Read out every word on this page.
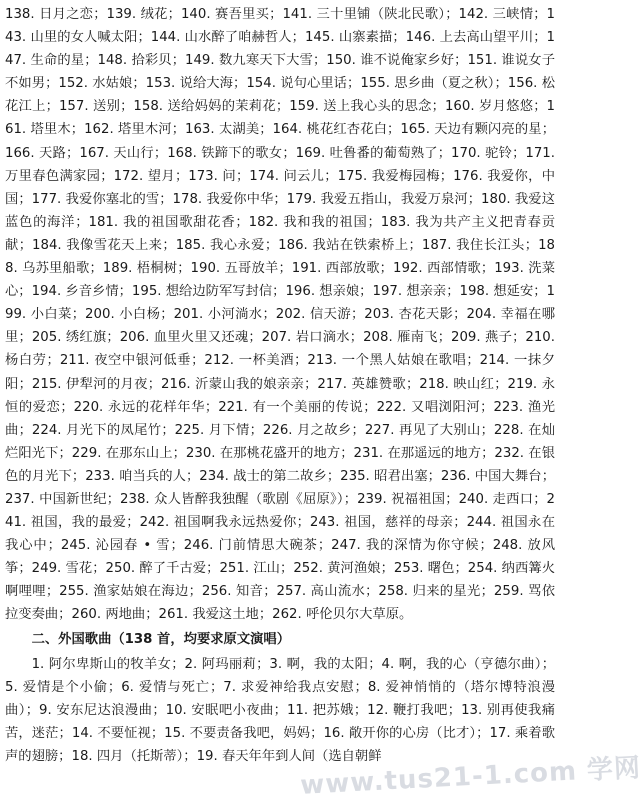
138. 日月之恋；139. 绒花；140. 赛吾里买；141. 三十里铺（陕北民歌）；142. 三峡情；143. 山里的女人喊太阳；144. 山水醉了咱赫哲人；145. 山寨素描；146. 上去高山望平川；147. 生命的星；148. 拾彩贝；149. 数九寒天下大雪；150. 谁不说俺家乡好；151. 谁说女子不如男；152. 水姑娘；153. 说给大海；154. 说句心里话；155. 思乡曲（夏之秋）；156. 松花江上；157. 送别；158. 送给妈妈的茉莉花；159. 送上我心头的思念；160. 岁月悠悠；161. 塔里木；162. 塔里木河；163. 太湖美；164. 桃花红杏花白；165. 天边有颗闪亮的星；166. 天路；167. 天山行；168. 铁蹄下的歌女；169. 吐鲁番的葡萄熟了；170. 驼铃；171. 万里春色满家园；172. 望月；173. 问；174. 问云儿；175. 我爱梅园梅；176. 我爱你，中国；177. 我爱你塞北的雪；178. 我爱你中华；179. 我爱五指山，我爱万泉河；180. 我爱这蓝色的海洋；181. 我的祖国歌甜花香；182. 我和我的祖国；183. 我为共产主义把青春贡献；184. 我像雪花天上来；185. 我心永爱；186. 我站在铁索桥上；187. 我住长江头；188. 乌苏里船歌；189. 梧桐树；190. 五哥放羊；191. 西部放歌；192. 西部情歌；193. 洗菜心；194. 乡音乡情；195. 想给边防军写封信；196. 想亲娘；197. 想亲亲；198. 想延安；199. 小白菜；200. 小白杨；201. 小河淌水；202. 信天游；203. 杏花天影；204. 幸福在哪里；205. 绣红旗；206. 血里火里又还魂；207. 岩口滴水；208. 雁南飞；209. 燕子；210. 杨白劳；211. 夜空中银河低垂；212. 一杯美酒；213. 一个黑人姑娘在歌唱；214. 一抹夕阳；215. 伊犁河的月夜；216. 沂蒙山我的娘亲亲；217. 英雄赞歌；218. 映山红；219. 永恒的爱恋；220. 永远的花样年华；221. 有一个美丽的传说；222. 又唱浏阳河；223. 渔光曲；224. 月光下的凤尾竹；225. 月下情；226. 月之故乡；227. 再见了大别山；228. 在灿烂阳光下；229. 在那东山上；230. 在那桃花盛开的地方；231. 在那遥远的地方；232. 在银色的月光下；233. 咱当兵的人；234. 战士的第二故乡；235. 昭君出塞；236. 中国大舞台；237. 中国新世纪；238. 众人皆醉我独醒（歌剧《屈原》）；239. 祝福祖国；240. 走西口；241. 祖国，我的最爱；242. 祖国啊我永远热爱你；243. 祖国，慈祥的母亲；244. 祖国永在我心中；245. 沁园春 • 雪；246. 门前情思大碗茶；247. 我的深情为你守候；248. 放风筝；249. 雪花；250. 醉了千古爱；251. 江山；252. 黄河渔娘；253. 曙色；254. 纳西篝火啊哩哩；255. 渔家姑娘在海边；256. 知音；257. 高山流水；258. 归来的星光；259. 骂依拉变奏曲；260. 两地曲；261. 我爱这土地；262. 呼伦贝尔大草原。

二、外国歌曲（138 首，均要求原文演唱）

1. 阿尔卑斯山的牧羊女；2. 阿玛丽莉；3. 啊，我的太阳；4. 啊，我的心（亨德尔曲）；5. 爱情是个小偷；6. 爱情与死亡；7. 求爱神给我点安慰；8. 爱神悄悄的（塔尔博特浪漫曲）；9. 安东尼达浪漫曲；10. 安眠吧小夜曲；11. 把苏娥；12. 鞭打我吧；13. 别再使我痛苦，迷茫；14. 不要怔视；15. 不要责备我吧，妈妈；16. 敞开你的心房（比才）；17. 乘着歌声的翅膀；18. 四月（托斯蒂）；19. 春天年年到人间（选自朝鲜

www.tus21-1.com 学网
